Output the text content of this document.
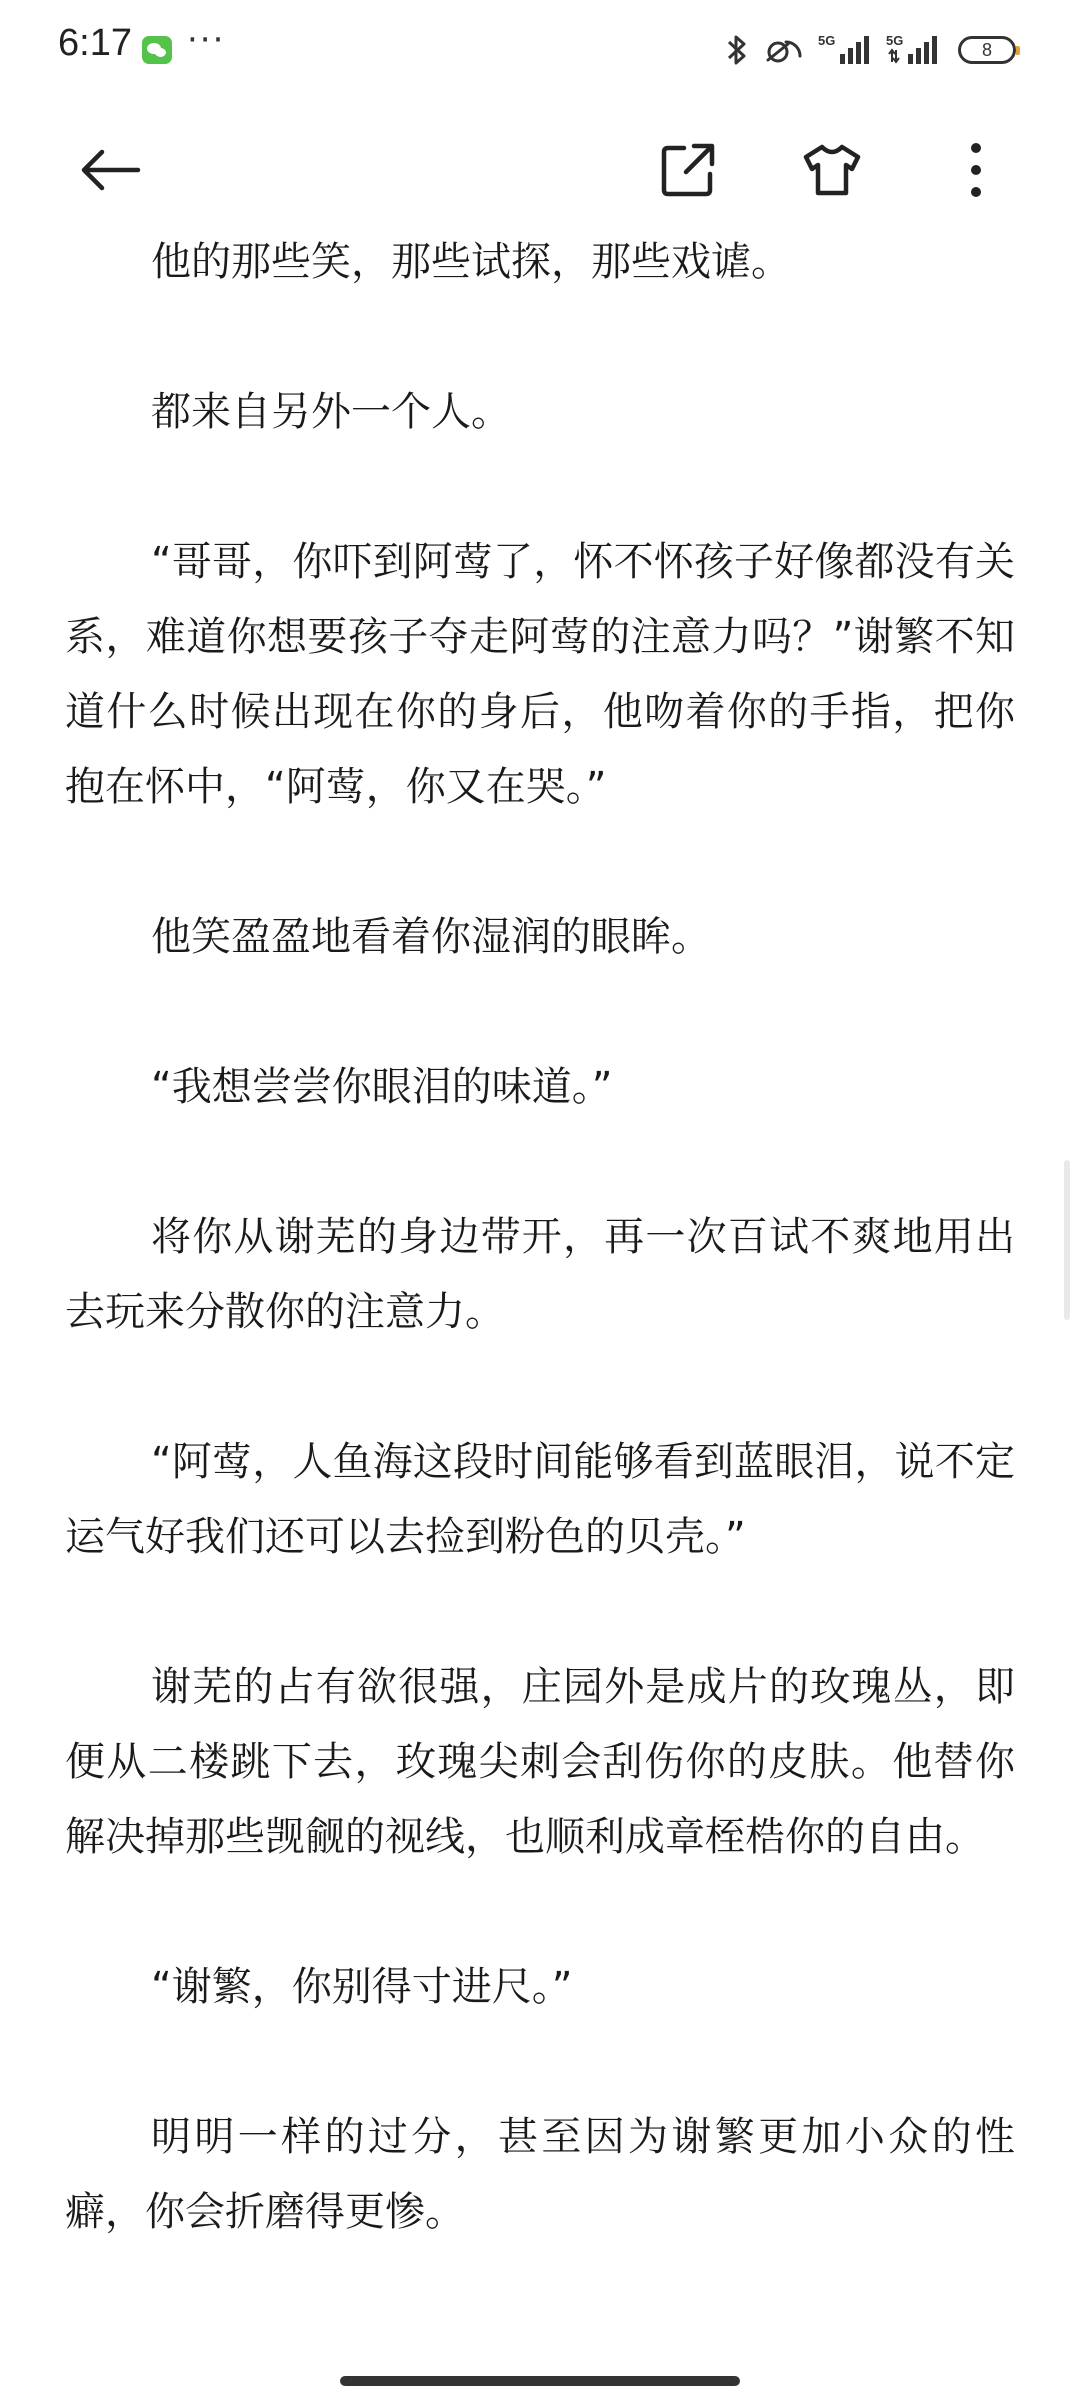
6:17 ···	5G	5G	8

他的那些笑，那些试探，那些戏谑。

都来自另外一个人。

“哥哥，你吓到阿莺了，怀不怀孩子好像都没有关系，难道你想要孩子夺走阿莺的注意力吗？”谢繁不知道什么时候出现在你的身后，他吻着你的手指，把你抱在怀中，“阿莺，你又在哭。”

他笑盈盈地看着你湿润的眼眸。

“我想尝尝你眼泪的味道。”

将你从谢芜的身边带开，再一次百试不爽地用出去玩来分散你的注意力。

“阿莺，人鱼海这段时间能够看到蓝眼泪，说不定运气好我们还可以去捡到粉色的贝壳。”

谢芜的占有欲很强，庄园外是成片的玫瑰丛，即便从二楼跳下去，玫瑰尖刺会刮伤你的皮肤。他替你解决掉那些觊觎的视线，也顺利成章桎梏你的自由。

“谢繁，你别得寸进尺。”

明明一样的过分，甚至因为谢繁更加小众的性癖，你会折磨得更惨。
